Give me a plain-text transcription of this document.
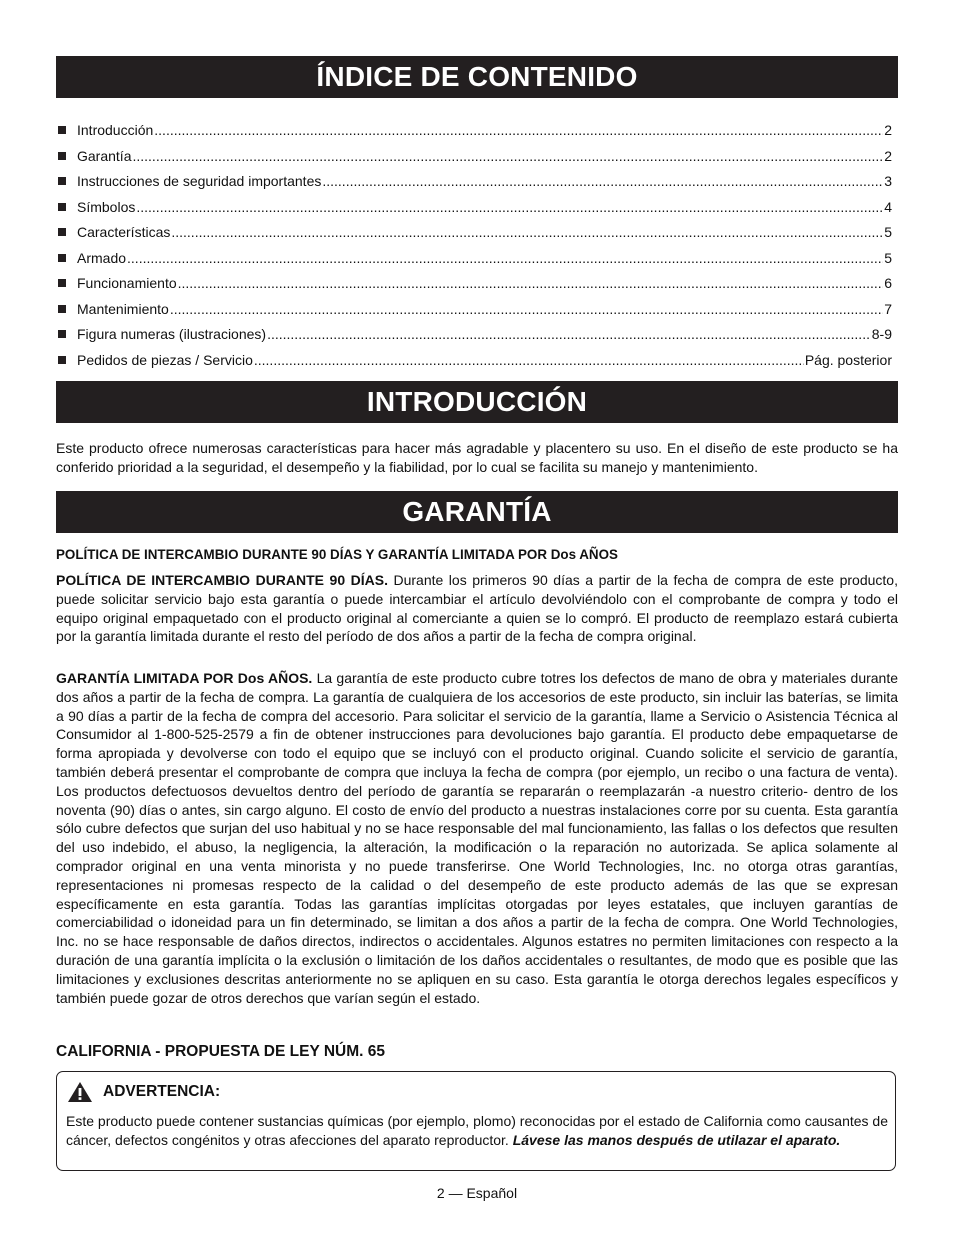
ÍNDICE DE CONTENIDO
Introducción .....	2
Garantía .....	2
Instrucciones de seguridad importantes .....	3
Símbolos .....	4
Características .....	5
Armado .....	5
Funcionamiento .....	6
Mantenimiento .....	7
Figura numeras (ilustraciones) .....	8-9
Pedidos de piezas / Servicio .....	Pág. posterior
INTRODUCCIÓN

Este producto ofrece numerosas características para hacer más agradable y placentero su uso. En el diseño de este producto se ha conferido prioridad a la seguridad, el desempeño y la fiabilidad, por lo cual se facilita su manejo y mantenimiento.

GARANTÍA

POLÍTICA DE INTERCAMBIO DURANTE 90 DÍAS Y GARANTÍA LIMITADA POR Dos AÑOS

POLÍTICA DE INTERCAMBIO DURANTE 90 DÍAS. Durante los primeros 90 días a partir de la fecha de compra de este producto, puede solicitar servicio bajo esta garantía o puede intercambiar el artículo devolviéndolo con el comprobante de compra y todo el equipo original empaquetado con el producto original al comerciante a quien se lo compró. El producto de reemplazo estará cubierta por la garantía limitada durante el resto del período de dos años a partir de la fecha de compra original.

GARANTÍA LIMITADA POR Dos AÑOS. La garantía de este producto cubre totres los defectos de mano de obra y materiales durante dos años a partir de la fecha de compra. La garantía de cualquiera de los accesorios de este producto, sin incluir las baterías, se limita a 90 días a partir de la fecha de compra del accesorio. Para solicitar el servicio de la garantía, llame a Servicio o Asistencia Técnica al Consumidor al 1-800-525-2579 a fin de obtener instrucciones para devoluciones bajo garantía. El producto debe empaquetarse de forma apropiada y devolverse con todo el equipo que se incluyó con el producto original. Cuando solicite el servicio de garantía, también deberá presentar el comprobante de compra que incluya la fecha de compra (por ejemplo, un recibo o una factura de venta). Los productos defectuosos devueltos dentro del período de garantía se repararán o reemplazarán -a nuestro criterio- dentro de los noventa (90) días o antes, sin cargo alguno. El costo de envío del producto a nuestras instalaciones corre por su cuenta. Esta garantía sólo cubre defectos que surjan del uso habitual y no se hace responsable del mal funcionamiento, las fallas o los defectos que resulten del uso indebido, el abuso, la negligencia, la alteración, la modificación o la reparación no autorizada. Se aplica solamente al comprador original en una venta minorista y no puede transferirse. One World Technologies, Inc. no otorga otras garantías, representaciones ni promesas respecto de la calidad o del desempeño de este producto además de las que se expresan específicamente en esta garantía. Todas las garantías implícitas otorgadas por leyes estatales, que incluyen garantías de comerciabilidad o idoneidad para un fin determinado, se limitan a dos años a partir de la fecha de compra. One World Technologies, Inc. no se hace responsable de daños directos, indirectos o accidentales. Algunos estatres no permiten limitaciones con respecto a la duración de una garantía implícita o la exclusión o limitación de los daños accidentales o resultantes, de modo que es posible que las limitaciones y exclusiones descritas anteriormente no se apliquen en su caso. Esta garantía le otorga derechos legales específicos y también puede gozar de otros derechos que varían según el estado.

CALIFORNIA - PROPUESTA DE LEY NÚM. 65

ADVERTENCIA:

Este producto puede contener sustancias químicas (por ejemplo, plomo) reconocidas por el estado de California como causantes de cáncer, defectos congénitos y otras afecciones del aparato reproductor. Lávese las manos después de utilazar el aparato.

2 — Español
